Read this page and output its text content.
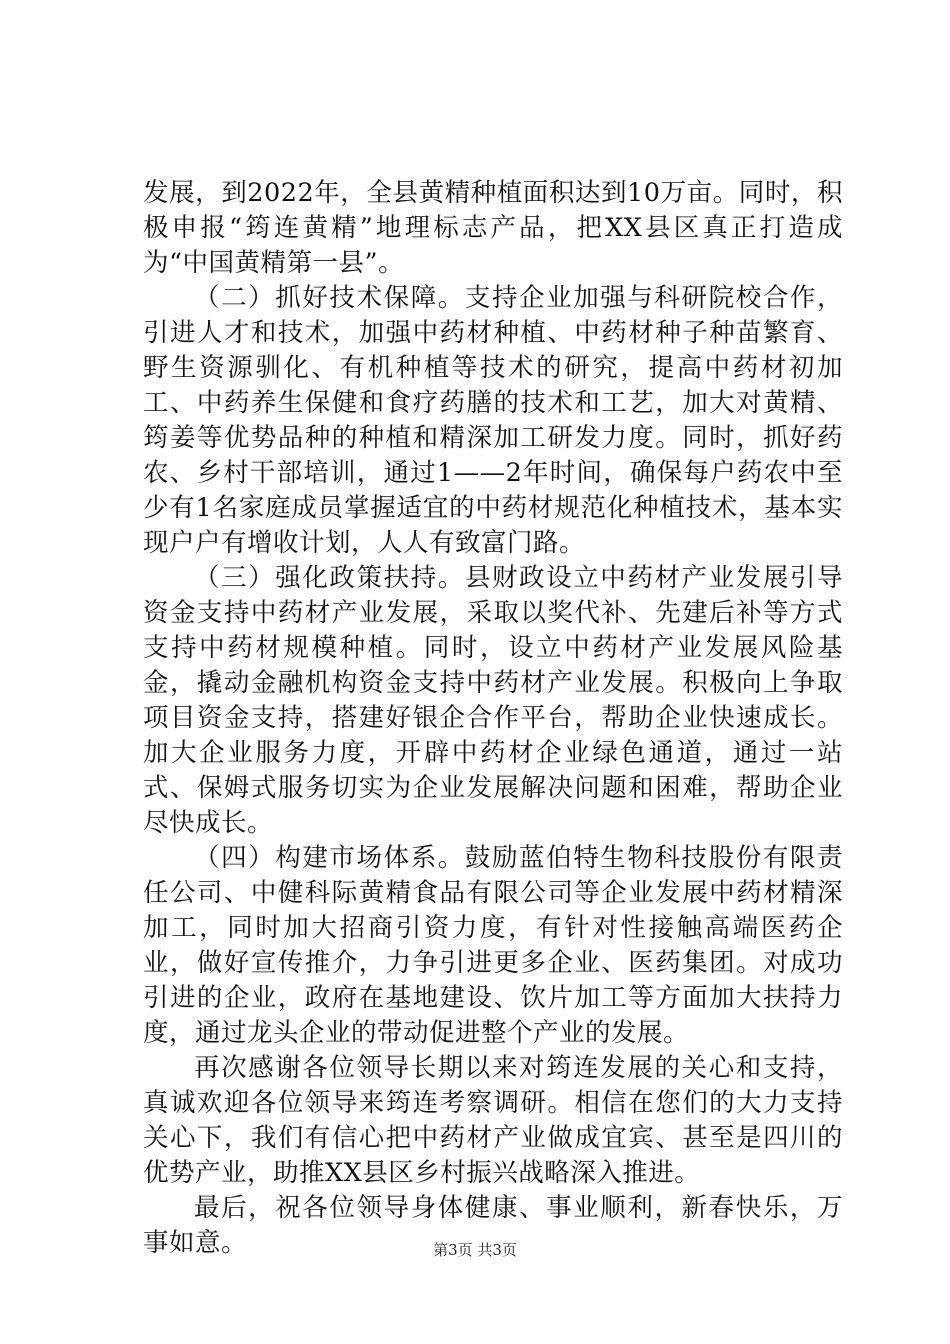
发展，到2022年，全县黄精种植面积达到10万亩。同时，积极申报“筠连黄精”地理标志产品，把XX县区真正打造成为“中国黄精第一县”。

（二）抓好技术保障。支持企业加强与科研院校合作，引进人才和技术，加强中药材种植、中药材种子种苗繁育、野生资源驯化、有机种植等技术的研究，提高中药材初加工、中药养生保健和食疗药膳的技术和工艺，加大对黄精、筠姜等优势品种的种植和精深加工研发力度。同时，抓好药农、乡村干部培训，通过1——2年时间，确保每户药农中至少有1名家庭成员掌握适宜的中药材规范化种植技术，基本实现户户有增收计划，人人有致富门路。

（三）强化政策扶持。县财政设立中药材产业发展引导资金支持中药材产业发展，采取以奖代补、先建后补等方式支持中药材规模种植。同时，设立中药材产业发展风险基金，撬动金融机构资金支持中药材产业发展。积极向上争取项目资金支持，搭建好银企合作平台，帮助企业快速成长。加大企业服务力度，开辟中药材企业绿色通道，通过一站式、保姆式服务切实为企业发展解决问题和困难，帮助企业尽快成长。

（四）构建市场体系。鼓励蓝伯特生物科技股份有限责任公司、中健科际黄精食品有限公司等企业发展中药材精深加工，同时加大招商引资力度，有针对性接触高端医药企业，做好宣传推介，力争引进更多企业、医药集团。对成功引进的企业，政府在基地建设、饮片加工等方面加大扶持力度，通过龙头企业的带动促进整个产业的发展。

再次感谢各位领导长期以来对筠连发展的关心和支持，真诚欢迎各位领导来筠连考察调研。相信在您们的大力支持关心下，我们有信心把中药材产业做成宜宾、甚至是四川的优势产业，助推XX县区乡村振兴战略深入推进。

最后，祝各位领导身体健康、事业顺利，新春快乐，万事如意。	第3页 共3页
